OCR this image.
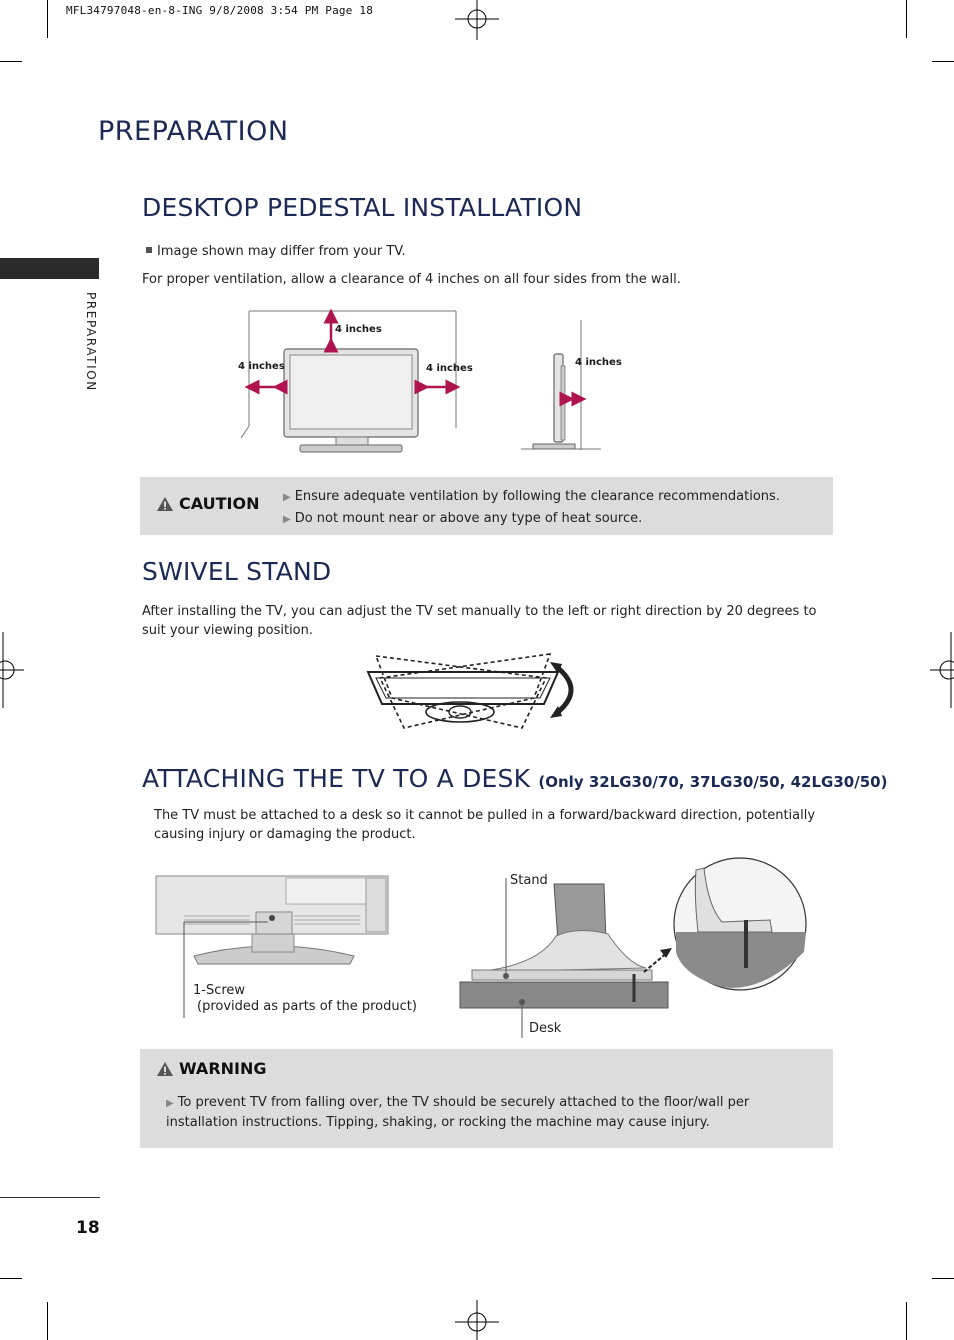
MFL34797048-en-8-ING 9/8/2008 3:54 PM Page 18
PREPARATION
PREPARATION
DESKTOP PEDESTAL INSTALLATION
Image shown may differ from your TV.
For proper ventilation, allow a clearance of 4 inches on all four sides from the wall.
4 inches
4 inches	4 inches
4 inches
CAUTION ▶ Ensure adequate ventilation by following the clearance recommendations.
▶ Do not mount near or above any type of heat source.
SWIVEL STAND
After installing the TV, you can adjust the TV set manually to the left or right direction by 20 degrees to suit your viewing position.
ATTACHING THE TV TO A DESK (Only 32LG30/70, 37LG30/50, 42LG30/50)
The TV must be attached to a desk so it cannot be pulled in a forward/backward direction, potentially causing injury or damaging the product.
1-Screw
(provided as parts of the product)
Stand
Desk
WARNING
▶ To prevent TV from falling over, the TV should be securely attached to the floor/wall per installation instructions. Tipping, shaking, or rocking the machine may cause injury.
18
